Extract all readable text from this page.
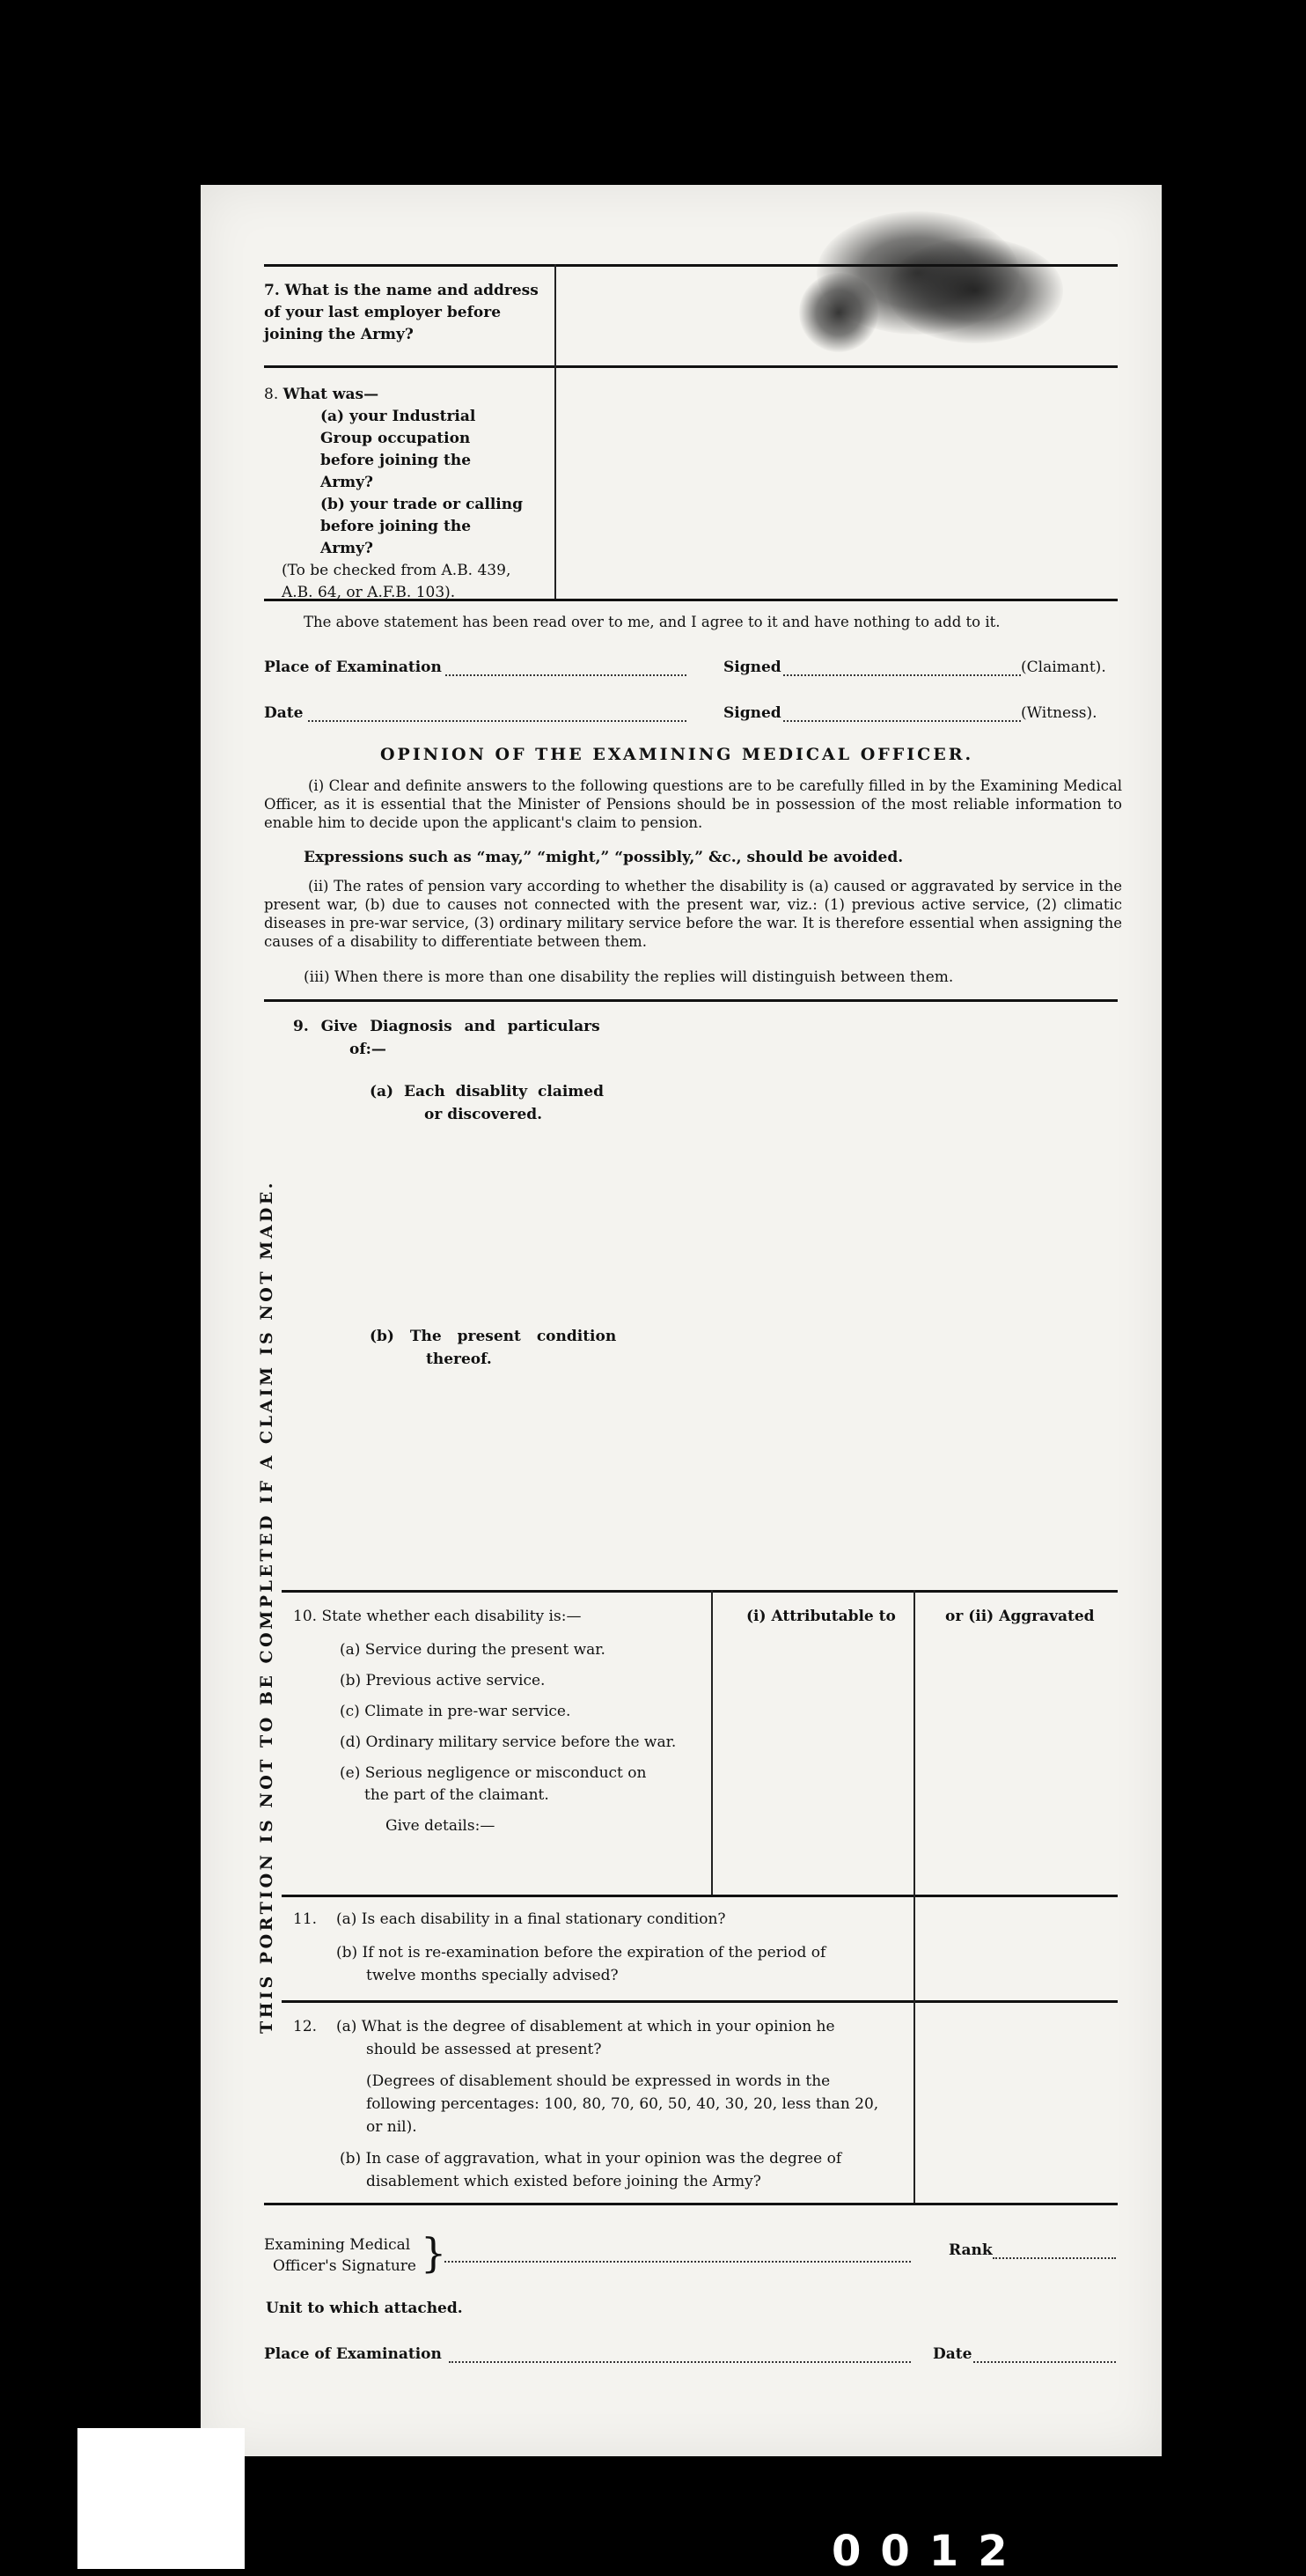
7. What is the name and address of your last employer before joining the Army?
8. What was—
(a) your Industrial Group occupation before joining the Army?
(b) your trade or calling before joining the Army?
(To be checked from A.B. 439, A.B. 64, or A.F.B. 103).
The above statement has been read over to me, and I agree to it and have nothing to add to it.
Place of Examination	Signed	(Claimant).
Date	Signed	(Witness).
OPINION OF THE EXAMINING MEDICAL OFFICER.
(i) Clear and definite answers to the following questions are to be carefully filled in by the Examining Medical Officer, as it is essential that the Minister of Pensions should be in possession of the most reliable information to enable him to decide upon the applicant's claim to pension.
Expressions such as “may,” “might,” “possibly,” &c., should be avoided.
(ii) The rates of pension vary according to whether the disability is (a) caused or aggravated by service in the present war, (b) due to causes not connected with the present war, viz.: (1) previous active service, (2) climatic diseases in pre-war service, (3) ordinary military service before the war. It is therefore essential when assigning the causes of a disability to differentiate between them.
(iii) When there is more than one disability the replies will distinguish between them.
9. Give Diagnosis and particulars
of:—
(a) Each disablity claimed
or discovered.
(b) The present condition
thereof.
THIS PORTION IS NOT TO BE COMPLETED IF A CLAIM IS NOT MADE. 10. State whether each disability is:—	(i) Attributable to	or (ii) Aggravated
(a) Service during the present war.
(b) Previous active service.
(c) Climate in pre-war service.
(d) Ordinary military service before the war.
(e) Serious negligence or misconduct on
the part of the claimant.
Give details:—
11. (a) Is each disability in a final stationary condition?
(b) If not is re-examination before the expiration of the period of
twelve months specially advised?
12. (a) What is the degree of disablement at which in your opinion he
should be assessed at present?
(Degrees of disablement should be expressed in words in the
following percentages: 100, 80, 70, 60, 50, 40, 30, 20, less than 20,
or nil).
(b) In case of aggravation, what in your opinion was the degree of
disablement which existed before joining the Army?
Examining Medical
Officer's Signature }	Rank
Unit to which attached.
Place of Examination	Date
0012
